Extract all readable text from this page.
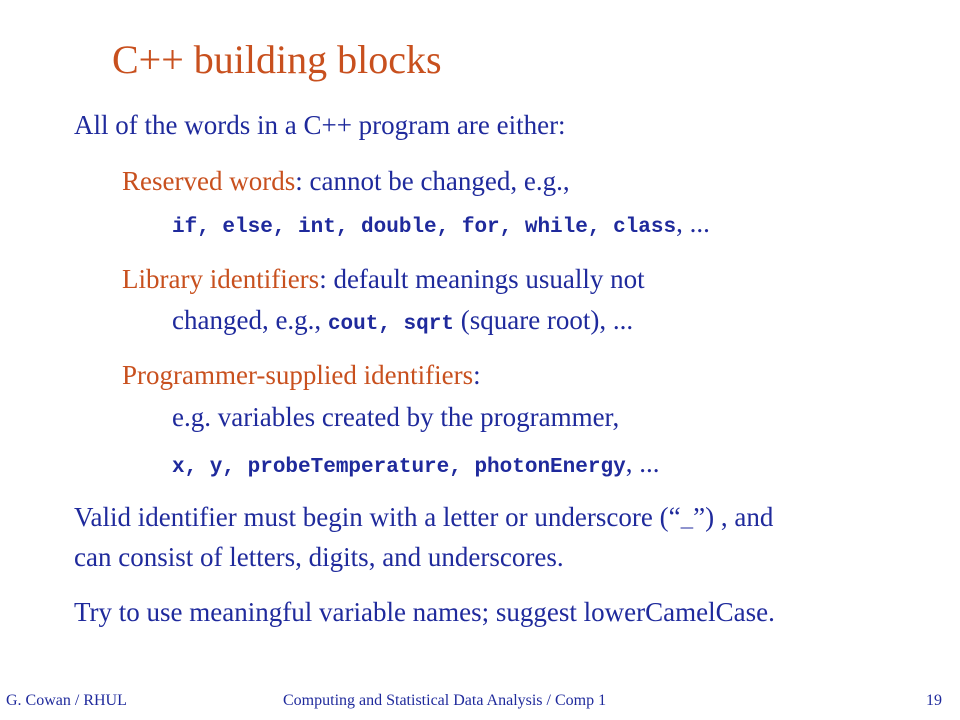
C++ building blocks
All of the words in a C++ program are either:
Reserved words: cannot be changed, e.g.,
if, else, int, double, for, while, class, ...
Library identifiers: default meanings usually not
changed, e.g., cout, sqrt (square root), ...
Programmer-supplied identifiers:
e.g. variables created by the programmer,
x, y, probeTemperature, photonEnergy, ...
Valid identifier must begin with a letter or underscore (“_”) , and
can consist of letters, digits, and underscores.
Try to use meaningful variable names; suggest lowerCamelCase.
G. Cowan / RHUL	Computing and Statistical Data Analysis / Comp 1	19
